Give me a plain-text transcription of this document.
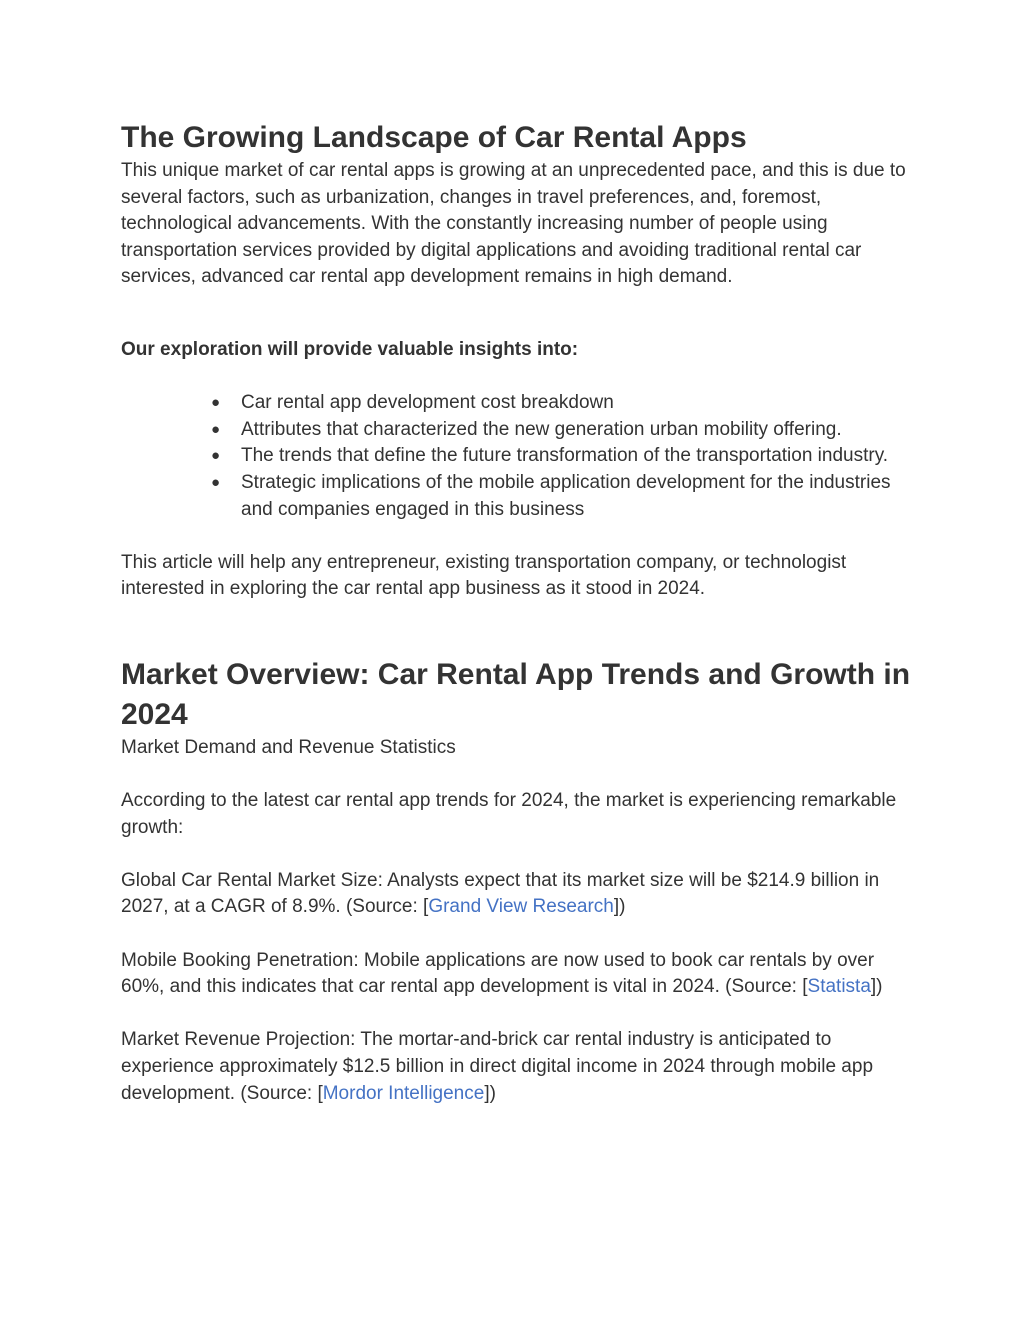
The Growing Landscape of Car Rental Apps

This unique market of car rental apps is growing at an unprecedented pace, and this is due to several factors, such as urbanization, changes in travel preferences, and, foremost, technological advancements. With the constantly increasing number of people using transportation services provided by digital applications and avoiding traditional rental car services, advanced car rental app development remains in high demand.

Our exploration will provide valuable insights into:

● Car rental app development cost breakdown
● Attributes that characterized the new generation urban mobility offering.
● The trends that define the future transformation of the transportation industry.
● Strategic implications of the mobile application development for the industries and companies engaged in this business

This article will help any entrepreneur, existing transportation company, or technologist interested in exploring the car rental app business as it stood in 2024.

Market Overview: Car Rental App Trends and Growth in 2024

Market Demand and Revenue Statistics

According to the latest car rental app trends for 2024, the market is experiencing remarkable growth:

Global Car Rental Market Size: Analysts expect that its market size will be $214.9 billion in 2027, at a CAGR of 8.9%. (Source: [Grand View Research])

Mobile Booking Penetration: Mobile applications are now used to book car rentals by over 60%, and this indicates that car rental app development is vital in 2024. (Source: [Statista])

Market Revenue Projection: The mortar-and-brick car rental industry is anticipated to experience approximately $12.5 billion in direct digital income in 2024 through mobile app development. (Source: [Mordor Intelligence])
